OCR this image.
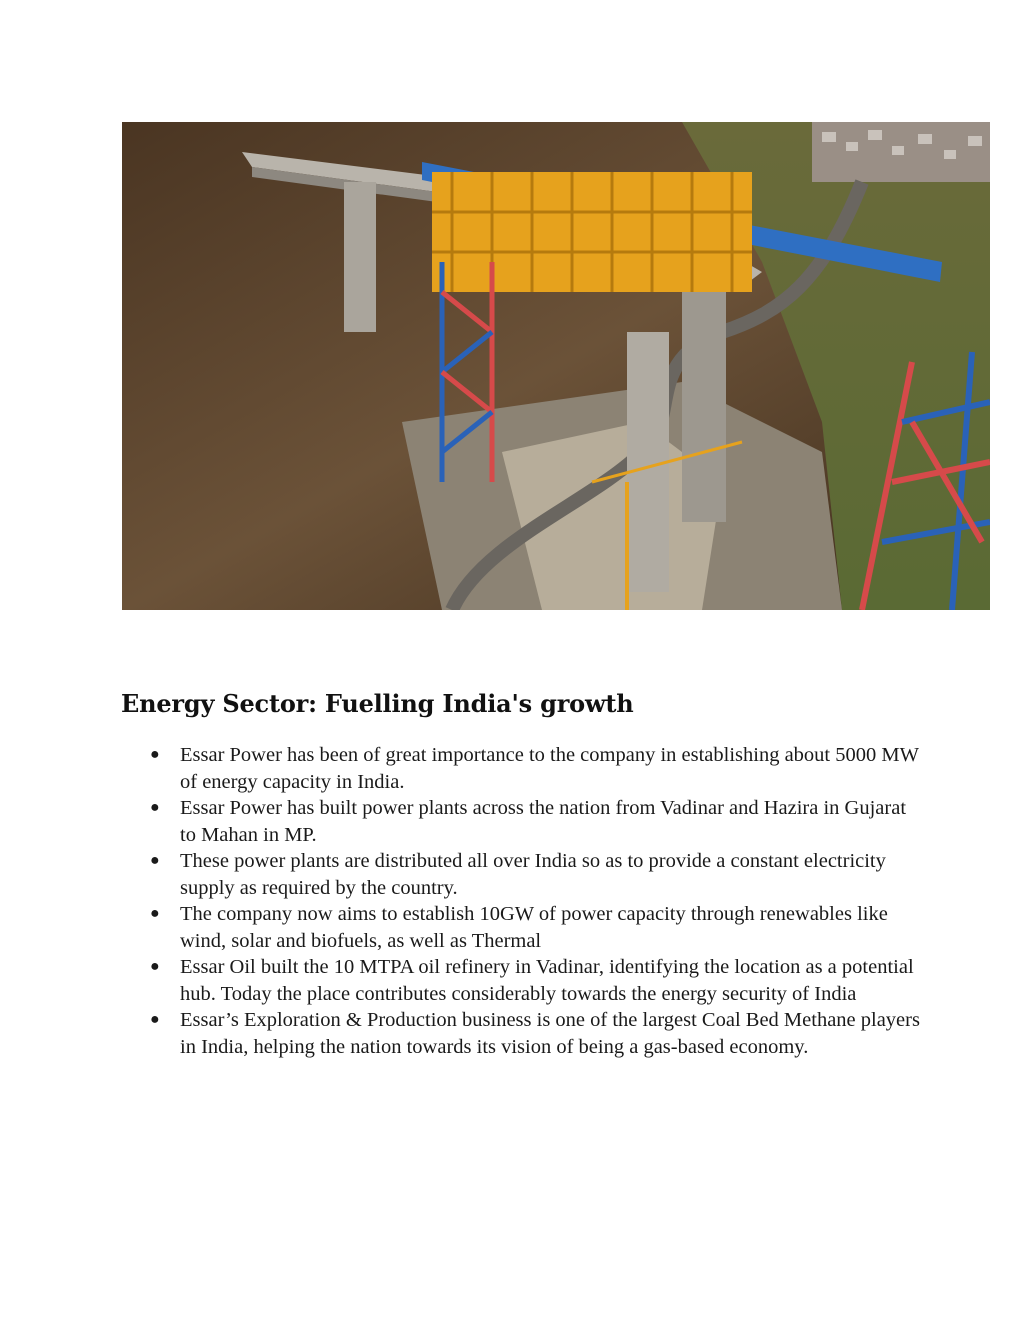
Energy Sector: Fuelling India's growth
● Essar Power has been of great importance to the company in establishing about 5000 MW of energy capacity in India.
● Essar Power has built power plants across the nation from Vadinar and Hazira in Gujarat to Mahan in MP.
● These power plants are distributed all over India so as to provide a constant electricity supply as required by the country.
● The company now aims to establish 10GW of power capacity through renewables like wind, solar and biofuels, as well as Thermal
● Essar Oil built the 10 MTPA oil refinery in Vadinar, identifying the location as a potential hub. Today the place contributes considerably towards the energy security of India
● Essar’s Exploration & Production business is one of the largest Coal Bed Methane players in India, helping the nation towards its vision of being a gas-based economy.
